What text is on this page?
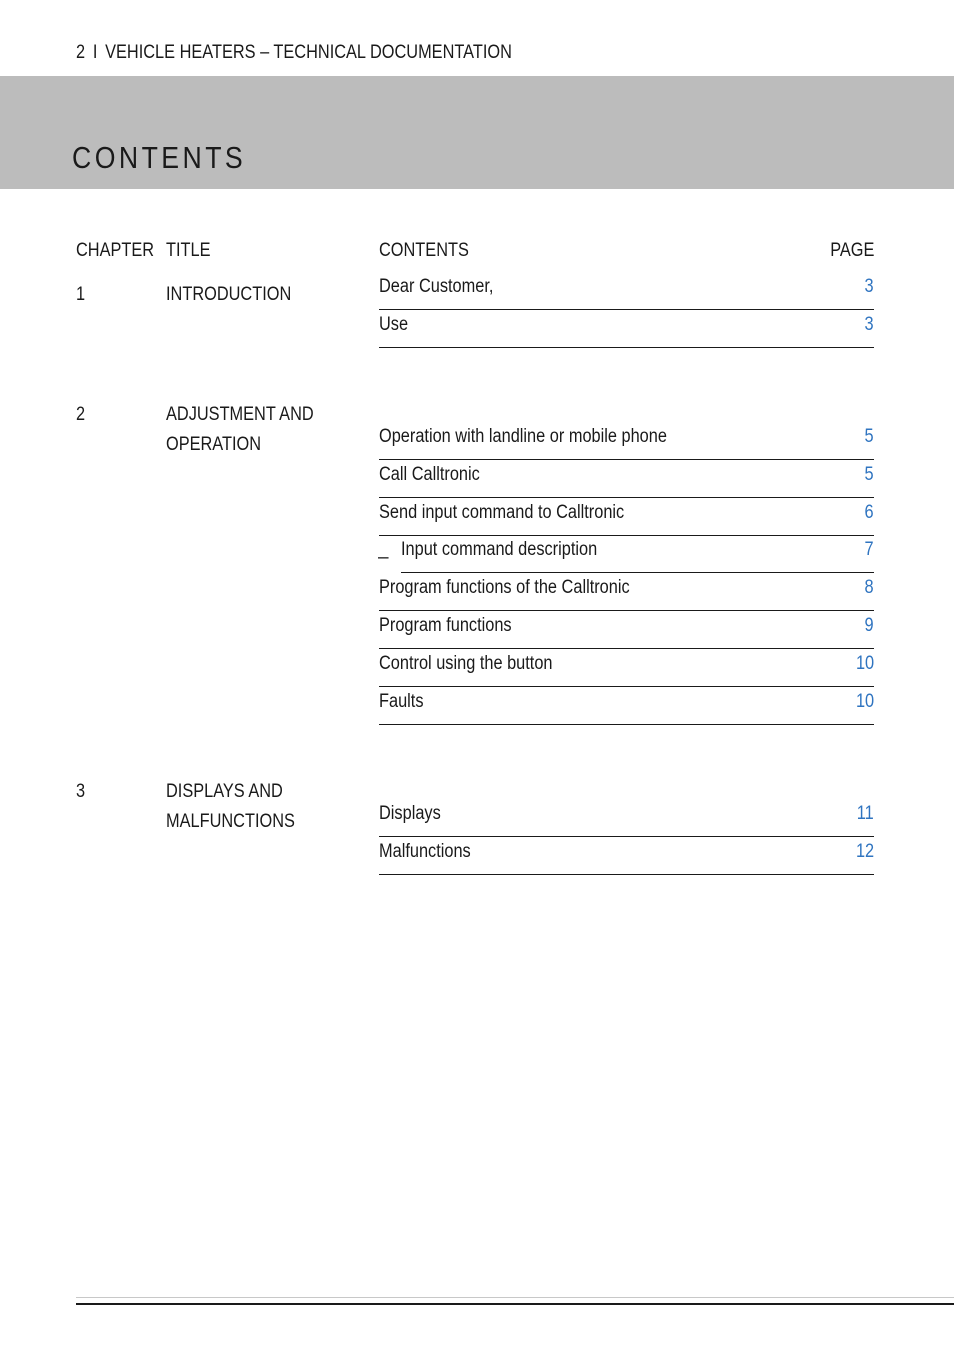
2 I VEHICLE HEATERS – TECHNICAL DOCUMENTATION
CONTENTS
CHAPTER TITLE	CONTENTS	PAGE
1	INTRODUCTION	Dear Customer,	3
Use	3
2	ADJUSTMENT AND
OPERATION	Operation with landline or mobile phone	5
Call Calltronic	5
Send input command to Calltronic	6
– Input command description	7
Program functions of the Calltronic	8
Program functions	9
Control using the button	10
Faults	10
3	DISPLAYS AND
MALFUNCTIONS	Displays	11
Malfunctions	12
